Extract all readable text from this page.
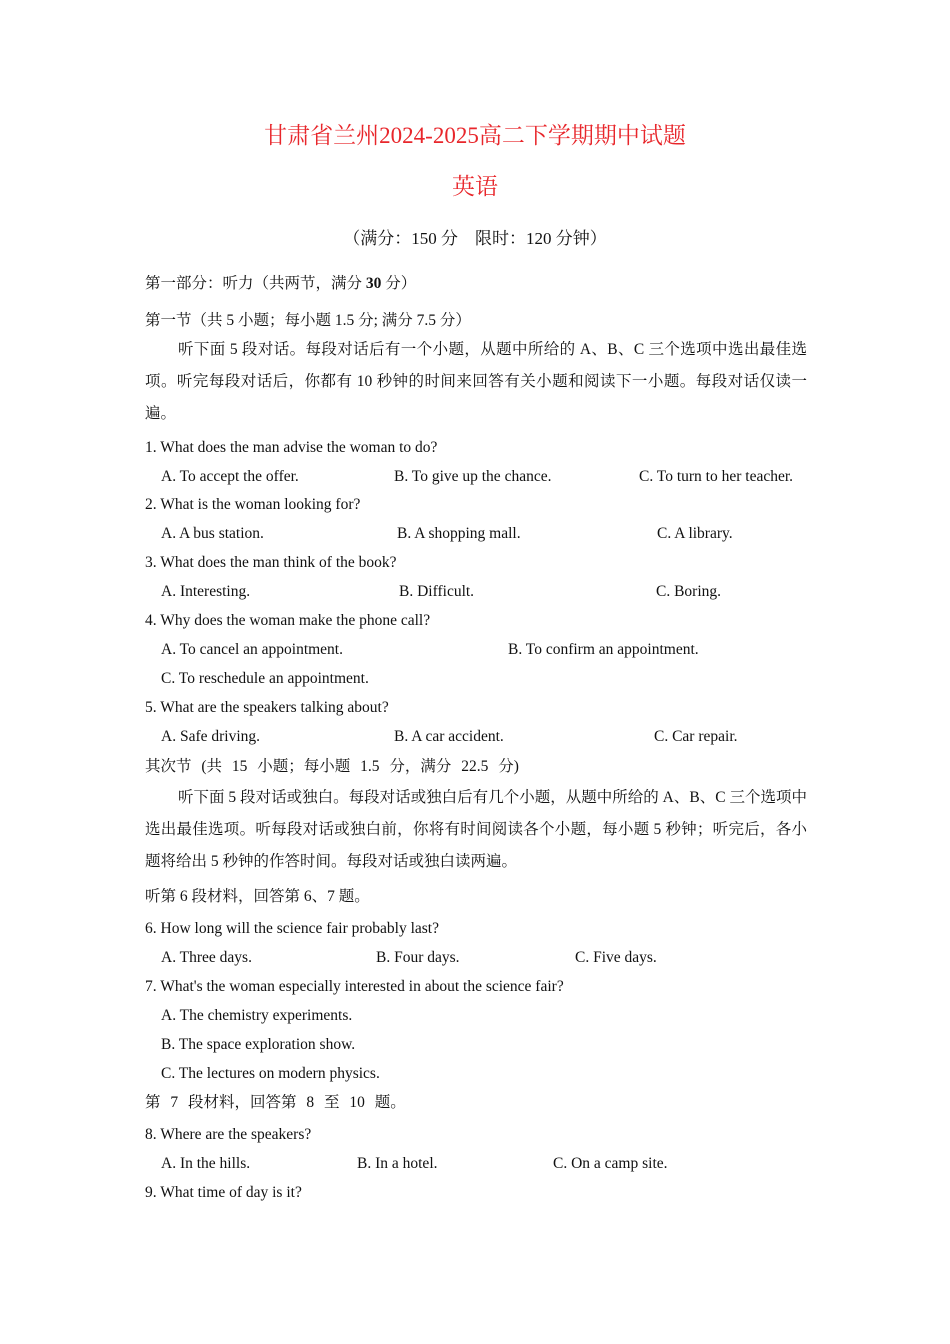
甘肃省兰州2024-2025高二下学期期中试题
英语
（满分：150 分　限时：120 分钟）
第一部分：听力（共两节，满分 30 分）
第一节（共 5 小题；每小题 1.5 分; 满分 7.5 分）
听下面 5 段对话。每段对话后有一个小题，从题中所给的 A、B、C 三个选项中选出最佳选项。听完每段对话后，你都有 10 秒钟的时间来回答有关小题和阅读下一小题。每段对话仅读一遍。
1. What does the man advise the woman to do?
A. To accept the offer.	B. To give up the chance.	C. To turn to her teacher.
2. What is the woman looking for?
A. A bus station.	B. A shopping mall.	C. A library.
3. What does the man think of the book?
A. Interesting.	B. Difficult.	C. Boring.
4. Why does the woman make the phone call?
A. To cancel an appointment.	B. To confirm an appointment.
C. To reschedule an appointment.
5. What are the speakers talking about?
A. Safe driving.	B. A car accident.	C. Car repair.
其次节 (共 15 小题；每小题 1.5 分，满分 22.5 分)
听下面 5 段对话或独白。每段对话或独白后有几个小题，从题中所给的 A、B、C 三个选项中选出最佳选项。听每段对话或独白前，你将有时间阅读各个小题，每小题 5 秒钟；听完后，各小题将给出 5 秒钟的作答时间。每段对话或独白读两遍。
听第 6 段材料，回答第 6、7 题。
6. How long will the science fair probably last?
A. Three days.	B. Four days.	C. Five days.
7. What's the woman especially interested in about the science fair?
A. The chemistry experiments.
B. The space exploration show.
C. The lectures on modern physics.
第 7 段材料，回答第 8 至 10 题。
8. Where are the speakers?
A. In the hills.	B. In a hotel.	C. On a camp site.
9. What time of day is it?
